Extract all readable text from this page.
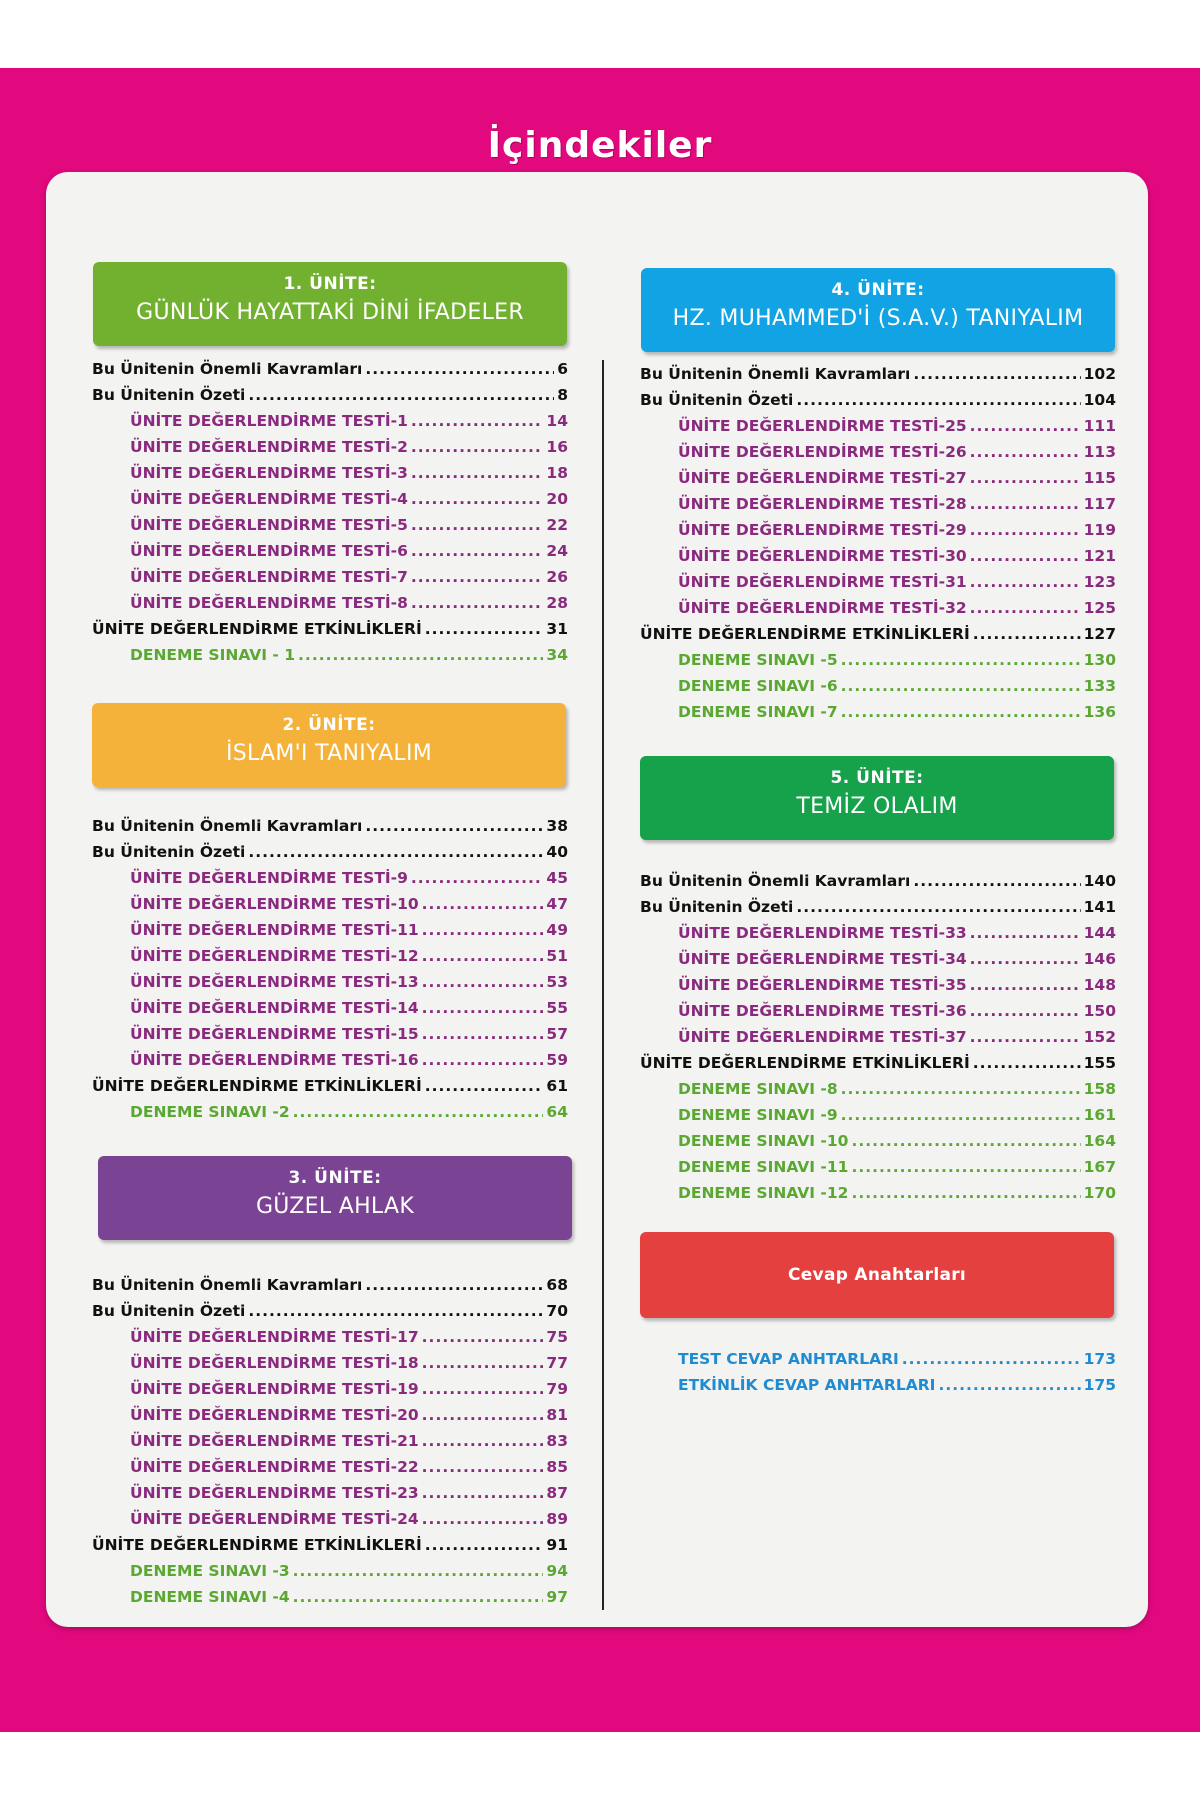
İçindekiler
1. ÜNİTE:
GÜNLÜK HAYATTAKİ DİNİ İFADELER
2. ÜNİTE:
İSLAM'I TANIYALIM
3. ÜNİTE:
GÜZEL AHLAK
4. ÜNİTE:
HZ. MUHAMMED'İ (S.A.V.) TANIYALIM
5. ÜNİTE:
TEMİZ OLALIM
Cevap Anahtarları
Bu Ünitenin Önemli Kavramları .....	6
Bu Ünitenin Özeti .....	8
ÜNİTE DEĞERLENDİRME TESTİ-1 .....	14
ÜNİTE DEĞERLENDİRME TESTİ-2 .....	16
ÜNİTE DEĞERLENDİRME TESTİ-3 .....	18
ÜNİTE DEĞERLENDİRME TESTİ-4 .....	20
ÜNİTE DEĞERLENDİRME TESTİ-5 .....	22
ÜNİTE DEĞERLENDİRME TESTİ-6 .....	24
ÜNİTE DEĞERLENDİRME TESTİ-7 .....	26
ÜNİTE DEĞERLENDİRME TESTİ-8 .....	28
ÜNİTE DEĞERLENDİRME ETKİNLİKLERİ .....	31
DENEME SINAVI - 1 .....	34
Bu Ünitenin Önemli Kavramları .....	38
Bu Ünitenin Özeti .....	40
ÜNİTE DEĞERLENDİRME TESTİ-9 .....	45
ÜNİTE DEĞERLENDİRME TESTİ-10 .....	47
ÜNİTE DEĞERLENDİRME TESTİ-11 .....	49
ÜNİTE DEĞERLENDİRME TESTİ-12 .....	51
ÜNİTE DEĞERLENDİRME TESTİ-13 .....	53
ÜNİTE DEĞERLENDİRME TESTİ-14 .....	55
ÜNİTE DEĞERLENDİRME TESTİ-15 .....	57
ÜNİTE DEĞERLENDİRME TESTİ-16 .....	59
ÜNİTE DEĞERLENDİRME ETKİNLİKLERİ .....	61
DENEME SINAVI -2 .....	64
Bu Ünitenin Önemli Kavramları .....	68
Bu Ünitenin Özeti .....	70
ÜNİTE DEĞERLENDİRME TESTİ-17 .....	75
ÜNİTE DEĞERLENDİRME TESTİ-18 .....	77
ÜNİTE DEĞERLENDİRME TESTİ-19 .....	79
ÜNİTE DEĞERLENDİRME TESTİ-20 .....	81
ÜNİTE DEĞERLENDİRME TESTİ-21 .....	83
ÜNİTE DEĞERLENDİRME TESTİ-22 .....	85
ÜNİTE DEĞERLENDİRME TESTİ-23 .....	87
ÜNİTE DEĞERLENDİRME TESTİ-24 .....	89
ÜNİTE DEĞERLENDİRME ETKİNLİKLERİ .....	91
DENEME SINAVI -3 .....	94
DENEME SINAVI -4 .....	97
Bu Ünitenin Önemli Kavramları .....	102
Bu Ünitenin Özeti .....	104
ÜNİTE DEĞERLENDİRME TESTİ-25 .....	111
ÜNİTE DEĞERLENDİRME TESTİ-26 .....	113
ÜNİTE DEĞERLENDİRME TESTİ-27 .....	115
ÜNİTE DEĞERLENDİRME TESTİ-28 .....	117
ÜNİTE DEĞERLENDİRME TESTİ-29 .....	119
ÜNİTE DEĞERLENDİRME TESTİ-30 .....	121
ÜNİTE DEĞERLENDİRME TESTİ-31 .....	123
ÜNİTE DEĞERLENDİRME TESTİ-32 .....	125
ÜNİTE DEĞERLENDİRME ETKİNLİKLERİ .....	127
DENEME SINAVI -5 .....	130
DENEME SINAVI -6 .....	133
DENEME SINAVI -7 .....	136
Bu Ünitenin Önemli Kavramları .....	140
Bu Ünitenin Özeti .....	141
ÜNİTE DEĞERLENDİRME TESTİ-33 .....	144
ÜNİTE DEĞERLENDİRME TESTİ-34 .....	146
ÜNİTE DEĞERLENDİRME TESTİ-35 .....	148
ÜNİTE DEĞERLENDİRME TESTİ-36 .....	150
ÜNİTE DEĞERLENDİRME TESTİ-37 .....	152
ÜNİTE DEĞERLENDİRME ETKİNLİKLERİ .....	155
DENEME SINAVI -8 .....	158
DENEME SINAVI -9 .....	161
DENEME SINAVI -10 .....	164
DENEME SINAVI -11 .....	167
DENEME SINAVI -12 .....	170
TEST CEVAP ANHTARLARI .....	173
ETKİNLİK CEVAP ANHTARLARI .....	175
